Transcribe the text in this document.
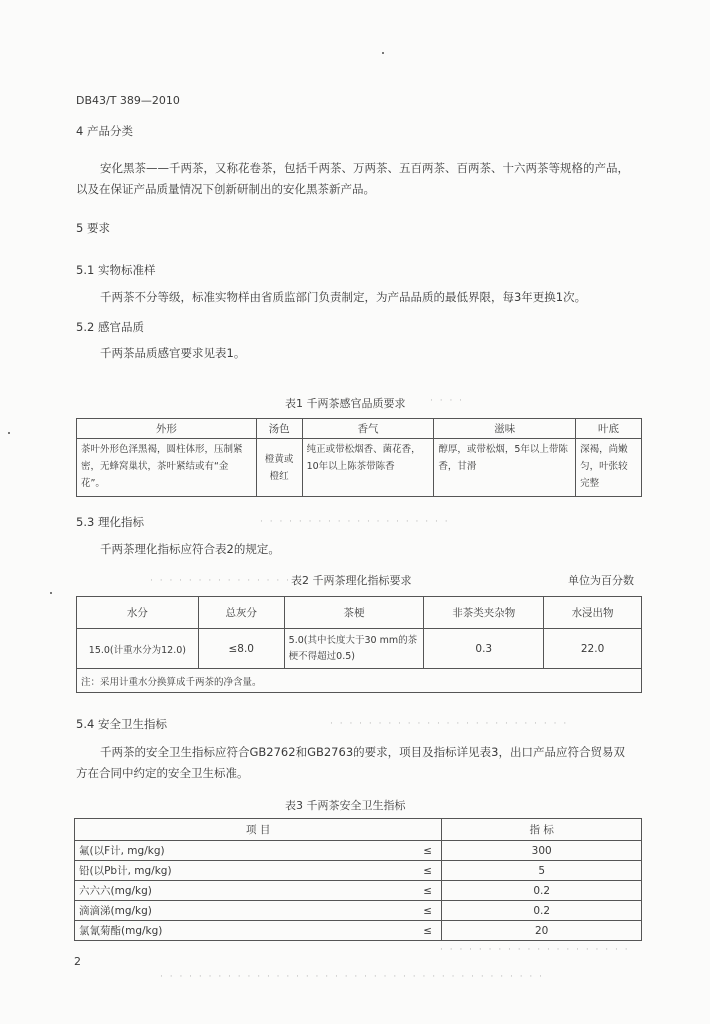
DB43/T 389—2010
4 产品分类
安化黑茶——千两茶，又称花卷茶，包括千两茶、万两茶、五百两茶、百两茶、十六两茶等规格的产品，以及在保证产品质量情况下创新研制出的安化黑茶新产品。
5 要求
5.1 实物标准样
千两茶不分等级，标准实物样由省质监部门负责制定，为产品品质的最低界限，每3年更换1次。
5.2 感官品质
千两茶品质感官要求见表1。
表1 千两茶感官品质要求	· · · ·
外形	汤色	香气	滋味	叶底
茶叶外形色泽黑褐，圆柱体形，压制紧密，无蜂窝巢状，茶叶紧结或有“金花”。	橙黄或橙红	纯正或带松烟香、菌花香，10年以上陈茶带陈香	醇厚，或带松烟，5年以上带陈香，甘滑	深褐，尚嫩匀，叶张较完整
5.3 理化指标	· · · · · · · · · · · · · · · · · · · ·
千两茶理化指标应符合表2的规定。
· · · · · · · · · · · · · · · ·
表2 千两茶理化指标要求	单位为百分数
水分	总灰分	茶梗	非茶类夹杂物	水浸出物
15.0(计重水分为12.0)	≤8.0	5.0(其中长度大于30 mm的茶梗不得超过0.5)	0.3	22.0
注：采用计重水分换算成千两茶的净含量。				
5.4 安全卫生指标	· · · · · · · · · · · · · · · · · · · · · · · · ·
千两茶的安全卫生指标应符合GB2762和GB2763的要求，项目及指标详见表3，出口产品应符合贸易双方在合同中约定的安全卫生标准。
表3 千两茶安全卫生指标
项 目		指 标
氟(以F计, mg/kg)	≤	300
铅(以Pb计, mg/kg)	≤	5
六六六(mg/kg)	≤	0.2
滴滴涕(mg/kg)	≤	0.2
氯氰菊酯(mg/kg)	≤	20
· · · · · · · · · · · · · · · · · · · ·
2
· · · · · · · · · · · · · · · · · · · · · · · · · · · · · · · · · · · · · · · ·
